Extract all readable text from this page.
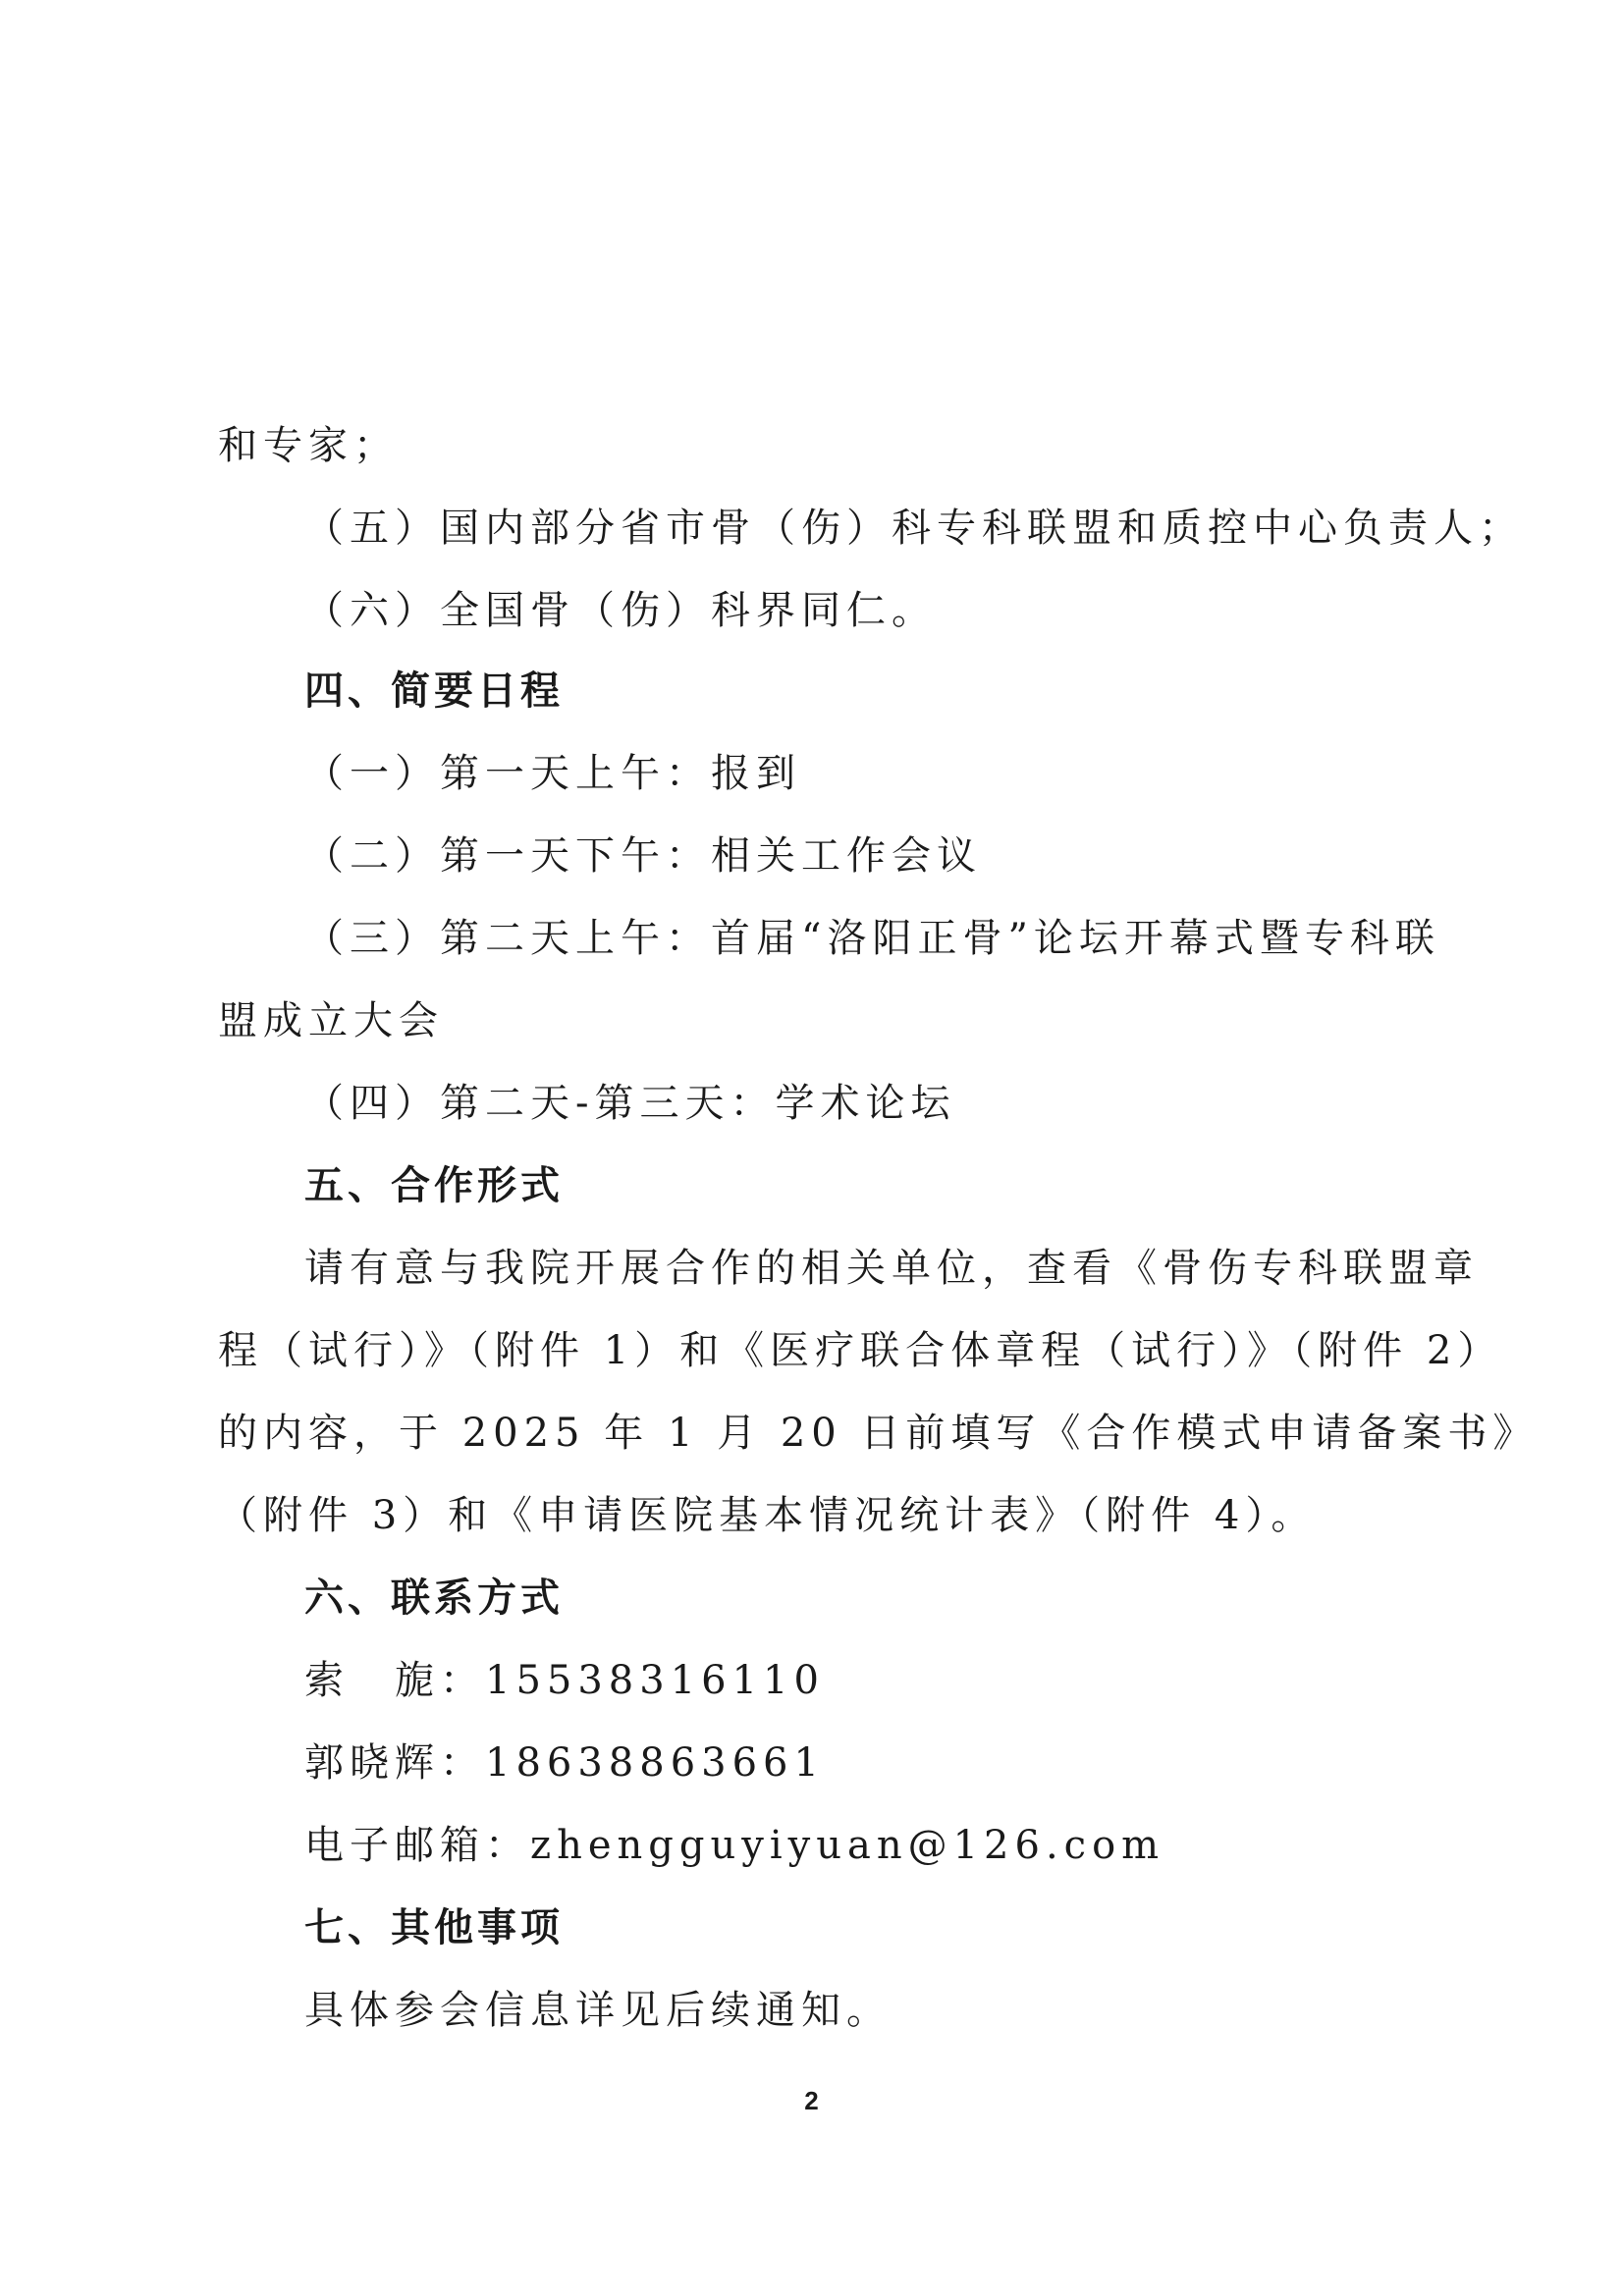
和专家；
（五）国内部分省市骨（伤）科专科联盟和质控中心负责人；
（六）全国骨（伤）科界同仁。
四、简要日程
（一）第一天上午：报到
（二）第一天下午：相关工作会议
（三）第二天上午：首届“洛阳正骨”论坛开幕式暨专科联
盟成立大会
（四）第二天-第三天：学术论坛
五、合作形式
请有意与我院开展合作的相关单位，查看《骨伤专科联盟章
程（试行）》（附件 1）和《医疗联合体章程（试行）》（附件 2）
的内容，于 2025 年 1 月 20 日前填写《合作模式申请备案书》
（附件 3）和《申请医院基本情况统计表》（附件 4）。
六、联系方式
索　旎：15538316110
郭晓辉：18638863661
电子邮箱：zhengguyiyuan@126.com
七、其他事项
具体参会信息详见后续通知。
2
